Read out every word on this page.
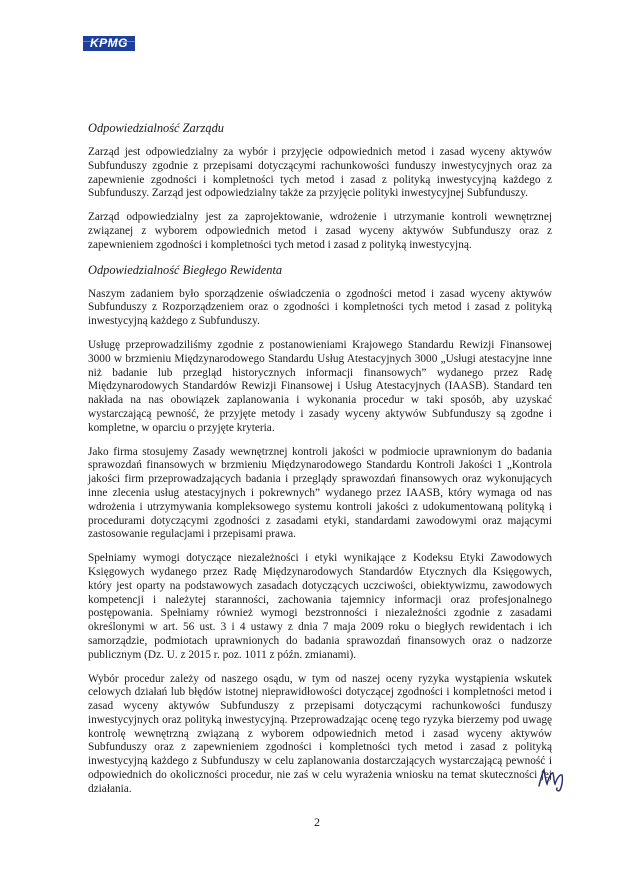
KPMG
Odpowiedzialność Zarządu

Zarząd jest odpowiedzialny za wybór i przyjęcie odpowiednich metod i zasad wyceny aktywów Subfunduszy zgodnie z przepisami dotyczącymi rachunkowości funduszy inwestycyjnych oraz za zapewnienie zgodności i kompletności tych metod i zasad z polityką inwestycyjną każdego z Subfunduszy. Zarząd jest odpowiedzialny także za przyjęcie polityki inwestycyjnej Subfunduszy.

Zarząd odpowiedzialny jest za zaprojektowanie, wdrożenie i utrzymanie kontroli wewnętrznej związanej z wyborem odpowiednich metod i zasad wyceny aktywów Subfunduszy oraz z zapewnieniem zgodności i kompletności tych metod i zasad z polityką inwestycyjną.

Odpowiedzialność Biegłego Rewidenta

Naszym zadaniem było sporządzenie oświadczenia o zgodności metod i zasad wyceny aktywów Subfunduszy z Rozporządzeniem oraz o zgodności i kompletności tych metod i zasad z polityką inwestycyjną każdego z Subfunduszy.

Usługę przeprowadziliśmy zgodnie z postanowieniami Krajowego Standardu Rewizji Finansowej 3000 w brzmieniu Międzynarodowego Standardu Usług Atestacyjnych 3000 „Usługi atestacyjne inne niż badanie lub przegląd historycznych informacji finansowych” wydanego przez Radę Międzynarodowych Standardów Rewizji Finansowej i Usług Atestacyjnych (IAASB). Standard ten nakłada na nas obowiązek zaplanowania i wykonania procedur w taki sposób, aby uzyskać wystarczającą pewność, że przyjęte metody i zasady wyceny aktywów Subfunduszy są zgodne i kompletne, w oparciu o przyjęte kryteria.

Jako firma stosujemy Zasady wewnętrznej kontroli jakości w podmiocie uprawnionym do badania sprawozdań finansowych w brzmieniu Międzynarodowego Standardu Kontroli Jakości 1 „Kontrola jakości firm przeprowadzających badania i przeglądy sprawozdań finansowych oraz wykonujących inne zlecenia usług atestacyjnych i pokrewnych” wydanego przez IAASB, który wymaga od nas wdrożenia i utrzymywania kompleksowego systemu kontroli jakości z udokumentowaną polityką i procedurami dotyczącymi zgodności z zasadami etyki, standardami zawodowymi oraz mającymi zastosowanie regulacjami i przepisami prawa.

Spełniamy wymogi dotyczące niezależności i etyki wynikające z Kodeksu Etyki Zawodowych Księgowych wydanego przez Radę Międzynarodowych Standardów Etycznych dla Księgowych, który jest oparty na podstawowych zasadach dotyczących uczciwości, obiektywizmu, zawodowych kompetencji i należytej staranności, zachowania tajemnicy informacji oraz profesjonalnego postępowania. Spełniamy również wymogi bezstronności i niezależności zgodnie z zasadami określonymi w art. 56 ust. 3 i 4 ustawy z dnia 7 maja 2009 roku o biegłych rewidentach i ich samorządzie, podmiotach uprawnionych do badania sprawozdań finansowych oraz o nadzorze publicznym (Dz. U. z 2015 r. poz. 1011 z późn. zmianami).

Wybór procedur zależy od naszego osądu, w tym od naszej oceny ryzyka wystąpienia wskutek celowych działań lub błędów istotnej nieprawidłowości dotyczącej zgodności i kompletności metod i zasad wyceny aktywów Subfunduszy z przepisami dotyczącymi rachunkowości funduszy inwestycyjnych oraz polityką inwestycyjną. Przeprowadzając ocenę tego ryzyka bierzemy pod uwagę kontrolę wewnętrzną związaną z wyborem odpowiednich metod i zasad wyceny aktywów Subfunduszy oraz z zapewnieniem zgodności i kompletności tych metod i zasad z polityką inwestycyjną każdego z Subfunduszy w celu zaplanowania dostarczających wystarczającą pewność i odpowiednich do okoliczności procedur, nie zaś w celu wyrażenia wniosku na temat skuteczności jej działania.

2
